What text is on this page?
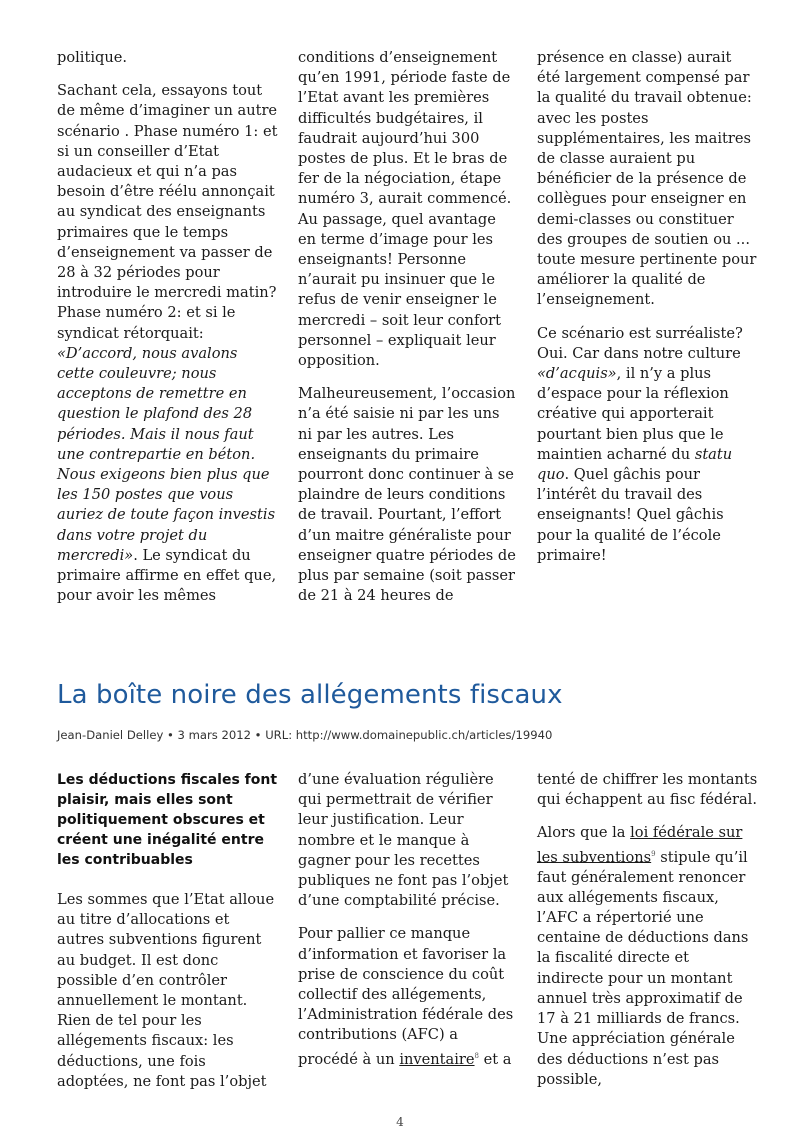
politique.

Sachant cela, essayons tout de même d’imaginer un autre scénario . Phase numéro 1: et si un conseiller d’Etat audacieux et qui n’a pas besoin d’être réélu annonçait au syndicat des enseignants primaires que le temps d’enseignement va passer de 28 à 32 périodes pour introduire le mercredi matin? Phase numéro 2: et si le syndicat rétorquait: «D’accord, nous avalons cette couleuvre; nous acceptons de remettre en question le plafond des 28 périodes. Mais il nous faut une contrepartie en béton. Nous exigeons bien plus que les 150 postes que vous auriez de toute façon investis dans votre projet du mercredi». Le syndicat du primaire affirme en effet que, pour avoir les mêmes

conditions d’enseignement qu’en 1991, période faste de l’Etat avant les premières difficultés budgétaires, il faudrait aujourd’hui 300 postes de plus. Et le bras de fer de la négociation, étape numéro 3, aurait commencé. Au passage, quel avantage en terme d’image pour les enseignants! Personne n’aurait pu insinuer que le refus de venir enseigner le mercredi – soit leur confort personnel – expliquait leur opposition.

Malheureusement, l’occasion n’a été saisie ni par les uns ni par les autres. Les enseignants du primaire pourront donc continuer à se plaindre de leurs conditions de travail. Pourtant, l’effort d’un maitre généraliste pour enseigner quatre périodes de plus par semaine (soit passer de 21 à 24 heures de

présence en classe) aurait été largement compensé par la qualité du travail obtenue: avec les postes supplémentaires, les maitres de classe auraient pu bénéficier de la présence de collègues pour enseigner en demi-classes ou constituer des groupes de soutien ou ... toute mesure pertinente pour améliorer la qualité de l’enseignement.

Ce scénario est surréaliste? Oui. Car dans notre culture «d’acquis», il n’y a plus d’espace pour la réflexion créative qui apporterait pourtant bien plus que le maintien acharné du statu quo. Quel gâchis pour l’intérêt du travail des enseignants! Quel gâchis pour la qualité de l’école primaire!

La boîte noire des allégements fiscaux
Jean-Daniel Delley • 3 mars 2012 • URL: http://www.domainepublic.ch/articles/19940

Les déductions fiscales font plaisir, mais elles sont politiquement obscures et créent une inégalité entre les contribuables

Les sommes que l’Etat alloue au titre d’allocations et autres subventions figurent au budget. Il est donc possible d’en contrôler annuellement le montant. Rien de tel pour les allégements fiscaux: les déductions, une fois adoptées, ne font pas l’objet

d’une évaluation régulière qui permettrait de vérifier leur justification. Leur nombre et le manque à gagner pour les recettes publiques ne font pas l’objet d’une comptabilité précise.

Pour pallier ce manque d’information et favoriser la prise de conscience du coût collectif des allégements, l’Administration fédérale des contributions (AFC) a procédé à un inventaire$^8$ et a

tenté de chiffrer les montants qui échappent au fisc fédéral.

Alors que la loi fédérale sur les subventions$^9$ stipule qu’il faut généralement renoncer aux allégements fiscaux, l’AFC a répertorié une centaine de déductions dans la fiscalité directe et indirecte pour un montant annuel très approximatif de 17 à 21 milliards de francs. Une appréciation générale des déductions n’est pas possible,

4
